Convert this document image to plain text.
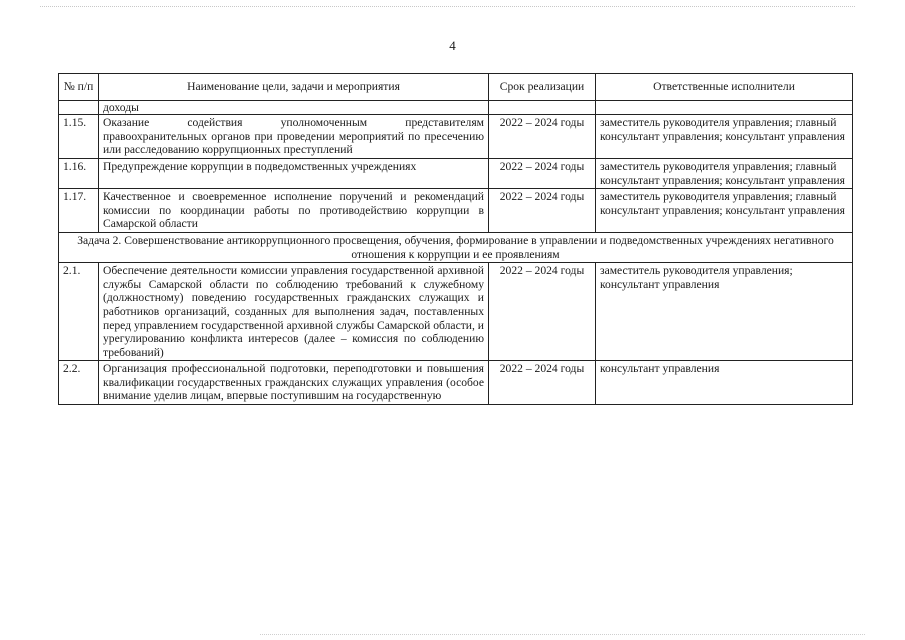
4
№ п/п	Наименование цели, задачи и мероприятия	Срок реализации	Ответственные исполнители
	доходы		
1.15.	Оказание содействия уполномоченным представителям правоохранительных органов при проведении мероприятий по пресечению или расследованию коррупционных преступлений	2022 – 2024 годы	заместитель руководителя управления; главный консультант управления; консультант управления
1.16.	Предупреждение коррупции в подведомственных учреждениях	2022 – 2024 годы	заместитель руководителя управления; главный консультант управления; консультант управления
1.17.	Качественное и своевременное исполнение поручений и рекомендаций комиссии по координации работы по противодействию коррупции в Самарской области	2022 – 2024 годы	заместитель руководителя управления; главный консультант управления; консультант управления
Задача 2. Совершенствование антикоррупционного просвещения, обучения, формирование в управлении и подведомственных учреждениях негативного отношения к коррупции и ее проявлениям			
2.1.	Обеспечение деятельности комиссии управления государственной архивной службы Самарской области по соблюдению требований к служебному (должностному) поведению государственных гражданских служащих и работников организаций, созданных для выполнения задач, поставленных перед управлением государственной архивной службы Самарской области, и урегулированию конфликта интересов (далее – комиссия по соблюдению требований)	2022 – 2024 годы	заместитель руководителя управления; консультант управления
2.2.	Организация профессиональной подготовки, переподготовки и повышения квалификации государственных гражданских служащих управления (особое внимание уделив лицам, впервые поступившим на государственную	2022 – 2024 годы	консультант управления
